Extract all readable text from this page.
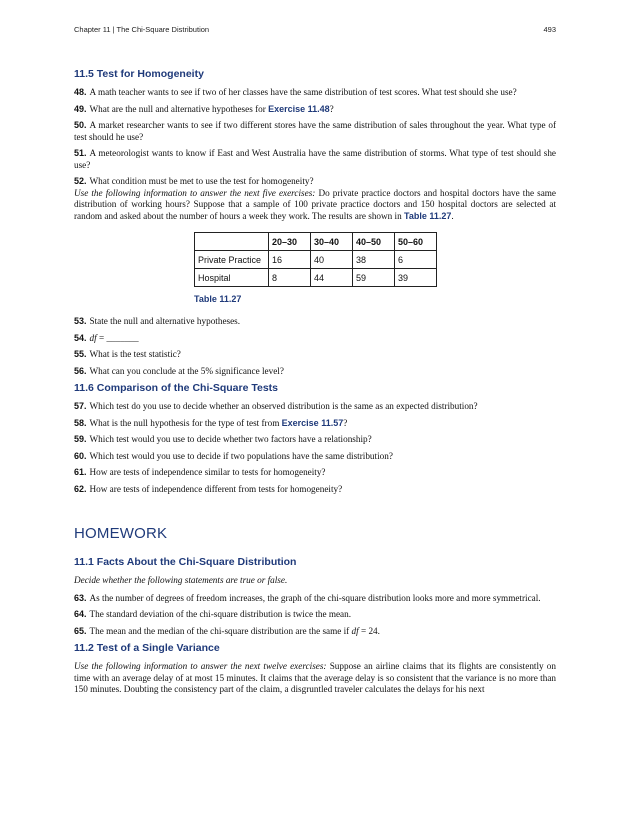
Chapter 11 | The Chi-Square Distribution	493
11.5 Test for Homogeneity

48. A math teacher wants to see if two of her classes have the same distribution of test scores. What test should she use?

49. What are the null and alternative hypotheses for Exercise 11.48?

50. A market researcher wants to see if two different stores have the same distribution of sales throughout the year. What type of test should he use?

51. A meteorologist wants to know if East and West Australia have the same distribution of storms. What type of test should she use?

52. What condition must be met to use the test for homogeneity?

Use the following information to answer the next five exercises: Do private practice doctors and hospital doctors have the same distribution of working hours? Suppose that a sample of 100 private practice doctors and 150 hospital doctors are selected at random and asked about the number of hours a week they work. The results are shown in Table 11.27.

	20–30	30–40	40–50	50–60
Private Practice	16	40	38	6
Hospital	8	44	59	39
Table 11.27

53. State the null and alternative hypotheses.

54. df = _______

55. What is the test statistic?

56. What can you conclude at the 5% significance level?

11.6 Comparison of the Chi-Square Tests

57. Which test do you use to decide whether an observed distribution is the same as an expected distribution?

58. What is the null hypothesis for the type of test from Exercise 11.57?

59. Which test would you use to decide whether two factors have a relationship?

60. Which test would you use to decide if two populations have the same distribution?

61. How are tests of independence similar to tests for homogeneity?

62. How are tests of independence different from tests for homogeneity?

HOMEWORK
11.1 Facts About the Chi-Square Distribution

Decide whether the following statements are true or false.

63. As the number of degrees of freedom increases, the graph of the chi-square distribution looks more and more symmetrical.

64. The standard deviation of the chi-square distribution is twice the mean.

65. The mean and the median of the chi-square distribution are the same if df = 24.

11.2 Test of a Single Variance

Use the following information to answer the next twelve exercises: Suppose an airline claims that its flights are consistently on time with an average delay of at most 15 minutes. It claims that the average delay is so consistent that the variance is no more than 150 minutes. Doubting the consistency part of the claim, a disgruntled traveler calculates the delays for his next
